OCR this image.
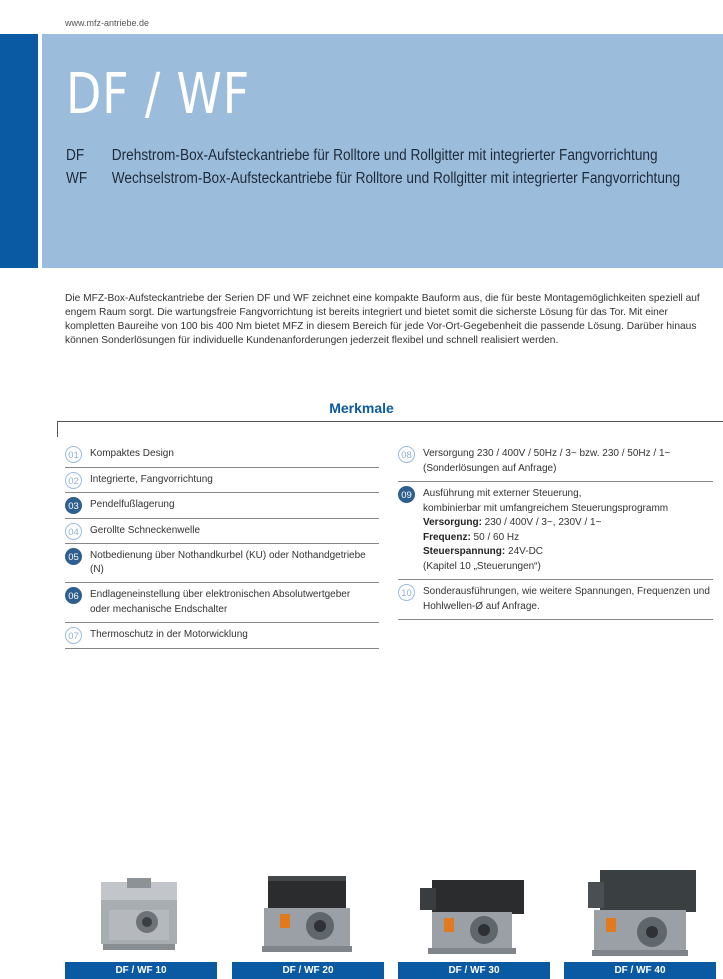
www.mfz-antriebe.de
DF / WF
DF Drehstrom-Box-Aufsteckantriebe für Rolltore und Rollgitter mit integrierter Fangvorrichtung
WF Wechselstrom-Box-Aufsteckantriebe für Rolltore und Rollgitter mit integrierter Fangvorrichtung
Die MFZ-Box-Aufsteckantriebe der Serien DF und WF zeichnet eine kompakte Bauform aus, die für beste Montagemöglichkeiten speziell auf engem Raum sorgt. Die wartungsfreie Fangvorrichtung ist bereits integriert und bietet somit die sicherste Lösung für das Tor. Mit einer kompletten Baureihe von 100 bis 400 Nm bietet MFZ in diesem Bereich für jede Vor-Ort-Gegebenheit die passende Lösung. Darüber hinaus können Sonderlösungen für individuelle Kundenanforderungen jederzeit flexibel und schnell realisiert werden.
Merkmale
01	Kompaktes Design
02	Integrierte, Fangvorrichtung
03	Pendelfußlagerung
04	Gerollte Schneckenwelle
05	Notbedienung über Nothandkurbel (KU) oder Nothandgetriebe (N)
06	Endlageneinstellung über elektronischen Absolutwertgeber
oder mechanische Endschalter
07	Thermoschutz in der Motorwicklung
08	Versorgung 230 / 400V / 50Hz / 3~ bzw. 230 / 50Hz / 1~
(Sonderlösungen auf Anfrage)
09	Ausführung mit externer Steuerung,
kombinierbar mit umfangreichem Steuerungsprogramm
Versorgung: 230 / 400V / 3~, 230V / 1~
Frequenz: 50 / 60 Hz
Steuerspannung: 24V-DC
(Kapitel 10 „Steuerungen“)
10	Sonderausführungen, wie weitere Spannungen, Frequenzen und
Hohlwellen-Ø auf Anfrage.
DF / WF 10	DF / WF 20	DF / WF 30	DF / WF 40
